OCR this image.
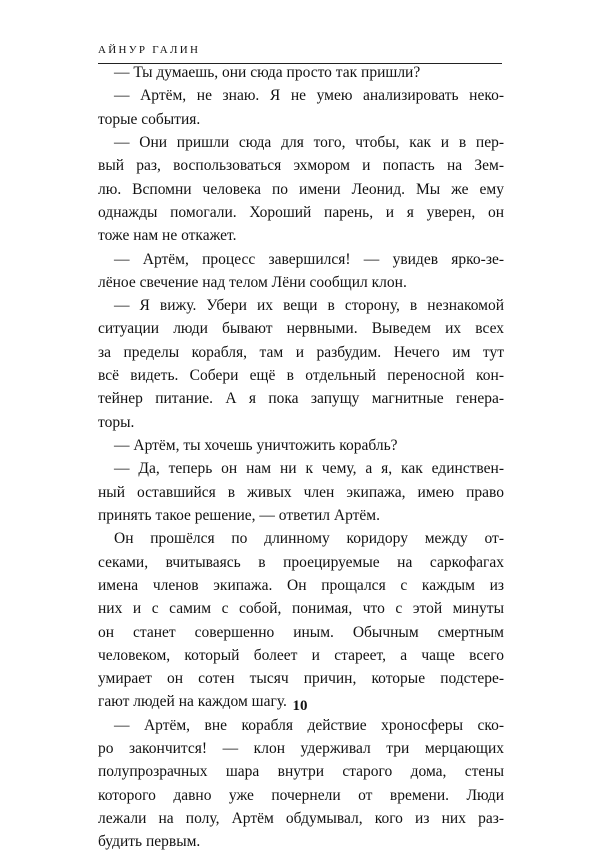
АЙНУР ГАЛИН
— Ты думаешь, они сюда просто так пришли?
— Артём, не знаю. Я не умею анализировать неко-
торые события.
— Они пришли сюда для того, чтобы, как и в пер-
вый раз, воспользоваться эхмором и попасть на Зем-
лю. Вспомни человека по имени Леонид. Мы же ему
однажды помогали. Хороший парень, и я уверен, он
тоже нам не откажет.
— Артём, процесс завершился! — увидев ярко-зе-
лёное свечение над телом Лёни сообщил клон.
— Я вижу. Убери их вещи в сторону, в незнакомой
ситуации люди бывают нервными. Выведем их всех
за пределы корабля, там и разбудим. Нечего им тут
всё видеть. Собери ещё в отдельный переносной кон-
тейнер питание. А я пока запущу магнитные генера-
торы.
— Артём, ты хочешь уничтожить корабль?
— Да, теперь он нам ни к чему, а я, как единствен-
ный оставшийся в живых член экипажа, имею право
принять такое решение, — ответил Артём.
Он прошёлся по длинному коридору между от-
секами, вчитываясь в проецируемые на саркофагах
имена членов экипажа. Он прощался с каждым из
них и с самим с собой, понимая, что с этой минуты
он станет совершенно иным. Обычным смертным
человеком, который болеет и стареет, а чаще всего
умирает он сотен тысяч причин, которые подстере-
гают людей на каждом шагу.
— Артём, вне корабля действие хроносферы ско-
ро закончится! — клон удерживал три мерцающих
полупрозрачных шара внутри старого дома, стены
которого давно уже почернели от времени. Люди
лежали на полу, Артём обдумывал, кого из них раз-
будить первым.
10
